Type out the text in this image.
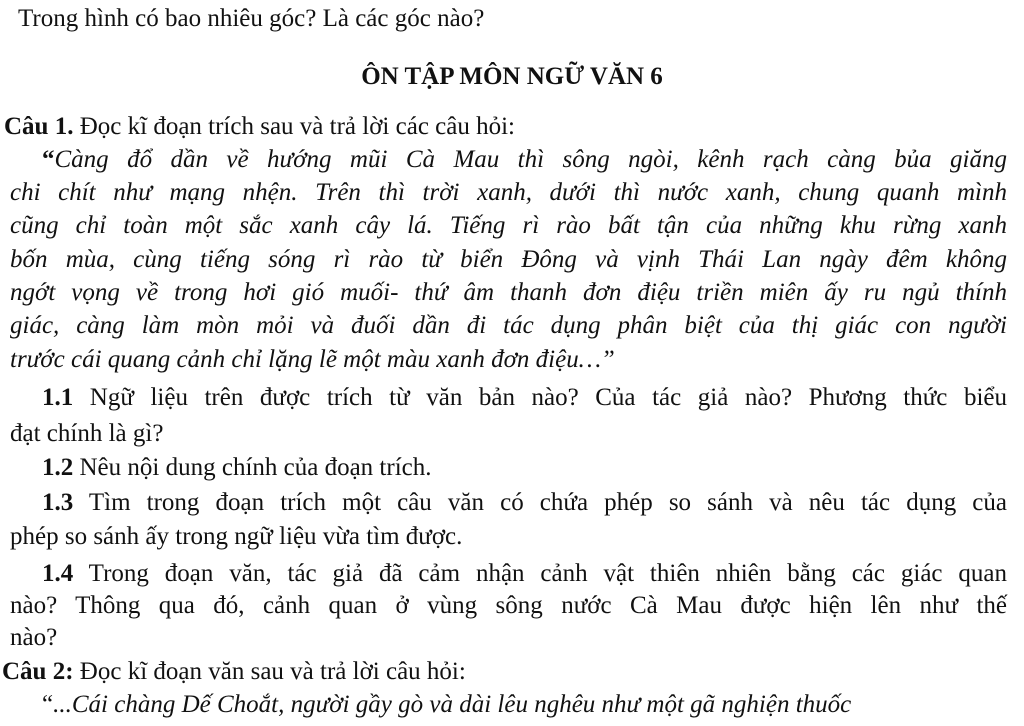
Trong hình có bao nhiêu góc? Là các góc nào?
ÔN TẬP MÔN NGỮ VĂN 6
Câu 1. Đọc kĩ đoạn trích sau và trả lời các câu hỏi:
“Càng đổ dần về hướng mũi Cà Mau thì sông ngòi, kênh rạch càng bủa giăng
chi chít như mạng nhện. Trên thì trời xanh, dưới thì nước xanh, chung quanh mình
cũng chỉ toàn một sắc xanh cây lá. Tiếng rì rào bất tận của những khu rừng xanh
bốn mùa, cùng tiếng sóng rì rào từ biển Đông và vịnh Thái Lan ngày đêm không
ngớt vọng về trong hơi gió muối- thứ âm thanh đơn điệu triền miên ấy ru ngủ thính
giác, càng làm mòn mỏi và đuối dần đi tác dụng phân biệt của thị giác con người
trước cái quang cảnh chỉ lặng lẽ một màu xanh đơn điệu…”
1.1 Ngữ liệu trên được trích từ văn bản nào? Của tác giả nào? Phương thức biểu
đạt chính là gì?
1.2 Nêu nội dung chính của đoạn trích.
1.3 Tìm trong đoạn trích một câu văn có chứa phép so sánh và nêu tác dụng của
phép so sánh ấy trong ngữ liệu vừa tìm được.
1.4 Trong đoạn văn, tác giả đã cảm nhận cảnh vật thiên nhiên bằng các giác quan
nào? Thông qua đó, cảnh quan ở vùng sông nước Cà Mau được hiện lên như thế
nào?
Câu 2: Đọc kĩ đoạn văn sau và trả lời câu hỏi:
“...Cái chàng Dế Choắt, người gầy gò và dài lêu nghêu như một gã nghiện thuốc
